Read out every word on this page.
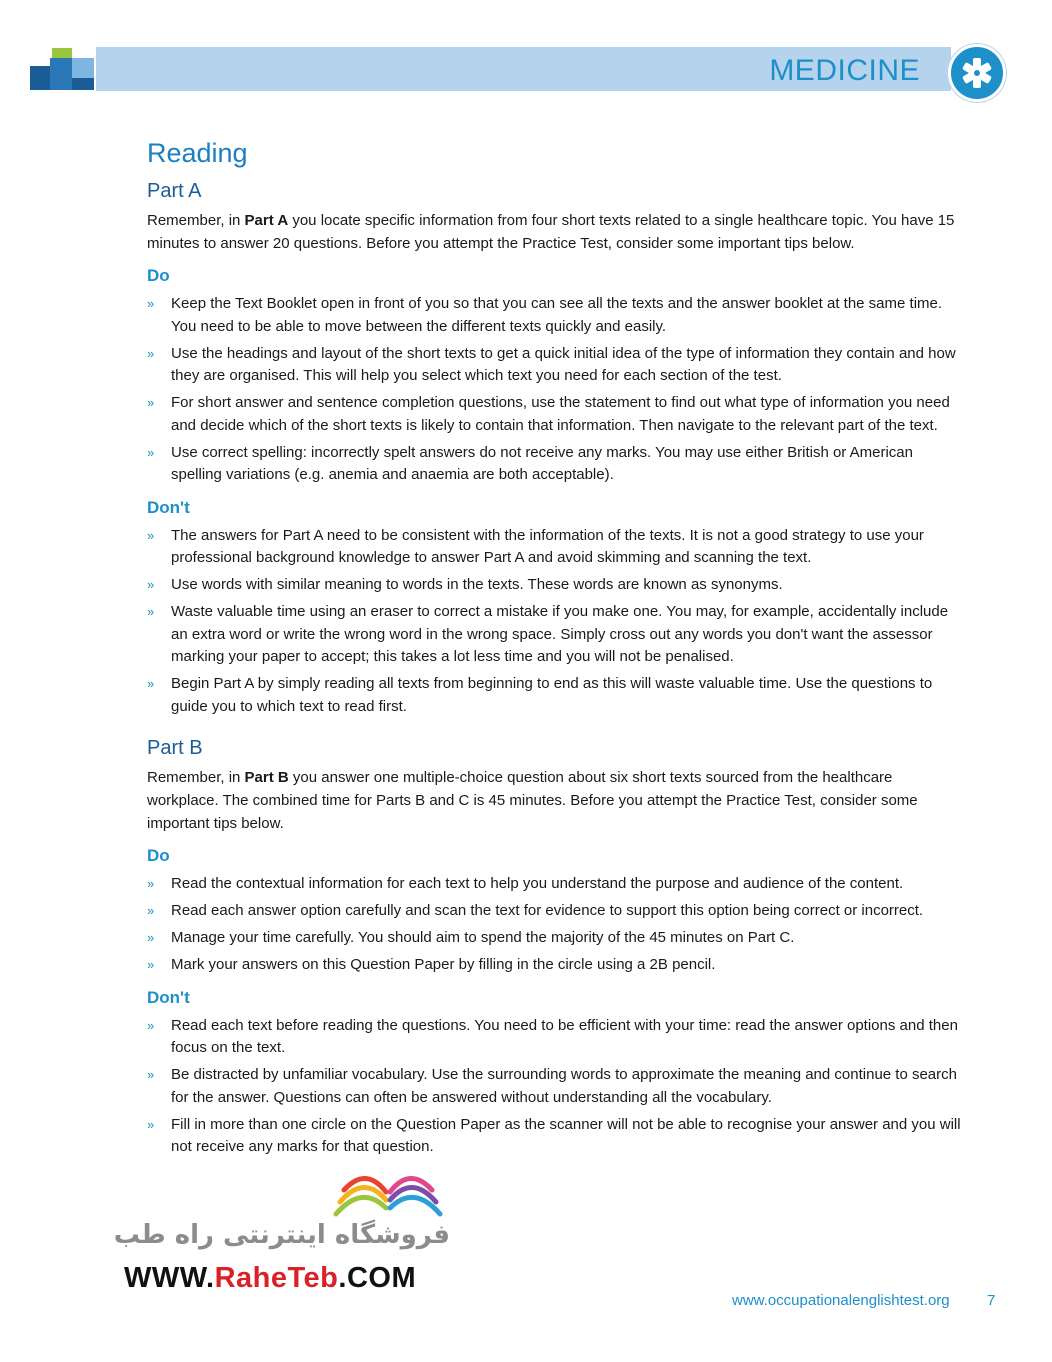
MEDICINE
Reading
Part A

Remember, in Part A you locate specific information from four short texts related to a single healthcare topic. You have 15 minutes to answer 20 questions. Before you attempt the Practice Test, consider some important tips below.

Do
» Keep the Text Booklet open in front of you so that you can see all the texts and the answer booklet at the same time. You need to be able to move between the different texts quickly and easily.
» Use the headings and layout of the short texts to get a quick initial idea of the type of information they contain and how they are organised. This will help you select which text you need for each section of the test.
» For short answer and sentence completion questions, use the statement to find out what type of information you need and decide which of the short texts is likely to contain that information. Then navigate to the relevant part of the text.
» Use correct spelling: incorrectly spelt answers do not receive any marks. You may use either British or American spelling variations (e.g. anemia and anaemia are both acceptable).
Don't
» The answers for Part A need to be consistent with the information of the texts. It is not a good strategy to use your professional background knowledge to answer Part A and avoid skimming and scanning the text.
» Use words with similar meaning to words in the texts. These words are known as synonyms.
» Waste valuable time using an eraser to correct a mistake if you make one. You may, for example, accidentally include an extra word or write the wrong word in the wrong space. Simply cross out any words you don't want the assessor marking your paper to accept; this takes a lot less time and you will not be penalised.
» Begin Part A by simply reading all texts from beginning to end as this will waste valuable time. Use the questions to guide you to which text to read first.
Part B

Remember, in Part B you answer one multiple-choice question about six short texts sourced from the healthcare workplace. The combined time for Parts B and C is 45 minutes. Before you attempt the Practice Test, consider some important tips below.

Do
» Read the contextual information for each text to help you understand the purpose and audience of the content.
» Read each answer option carefully and scan the text for evidence to support this option being correct or incorrect.
» Manage your time carefully. You should aim to spend the majority of the 45 minutes on Part C.
» Mark your answers on this Question Paper by filling in the circle using a 2B pencil.
Don't
» Read each text before reading the questions. You need to be efficient with your time: read the answer options and then focus on the text.
» Be distracted by unfamiliar vocabulary. Use the surrounding words to approximate the meaning and continue to search for the answer. Questions can often be answered without understanding all the vocabulary.
» Fill in more than one circle on the Question Paper as the scanner will not be able to recognise your answer and you will not receive any marks for that question.
فروشگاه اینترنتی راه طب
WWW.RaheTeb.COM
www.occupationalenglishtest.org 7
